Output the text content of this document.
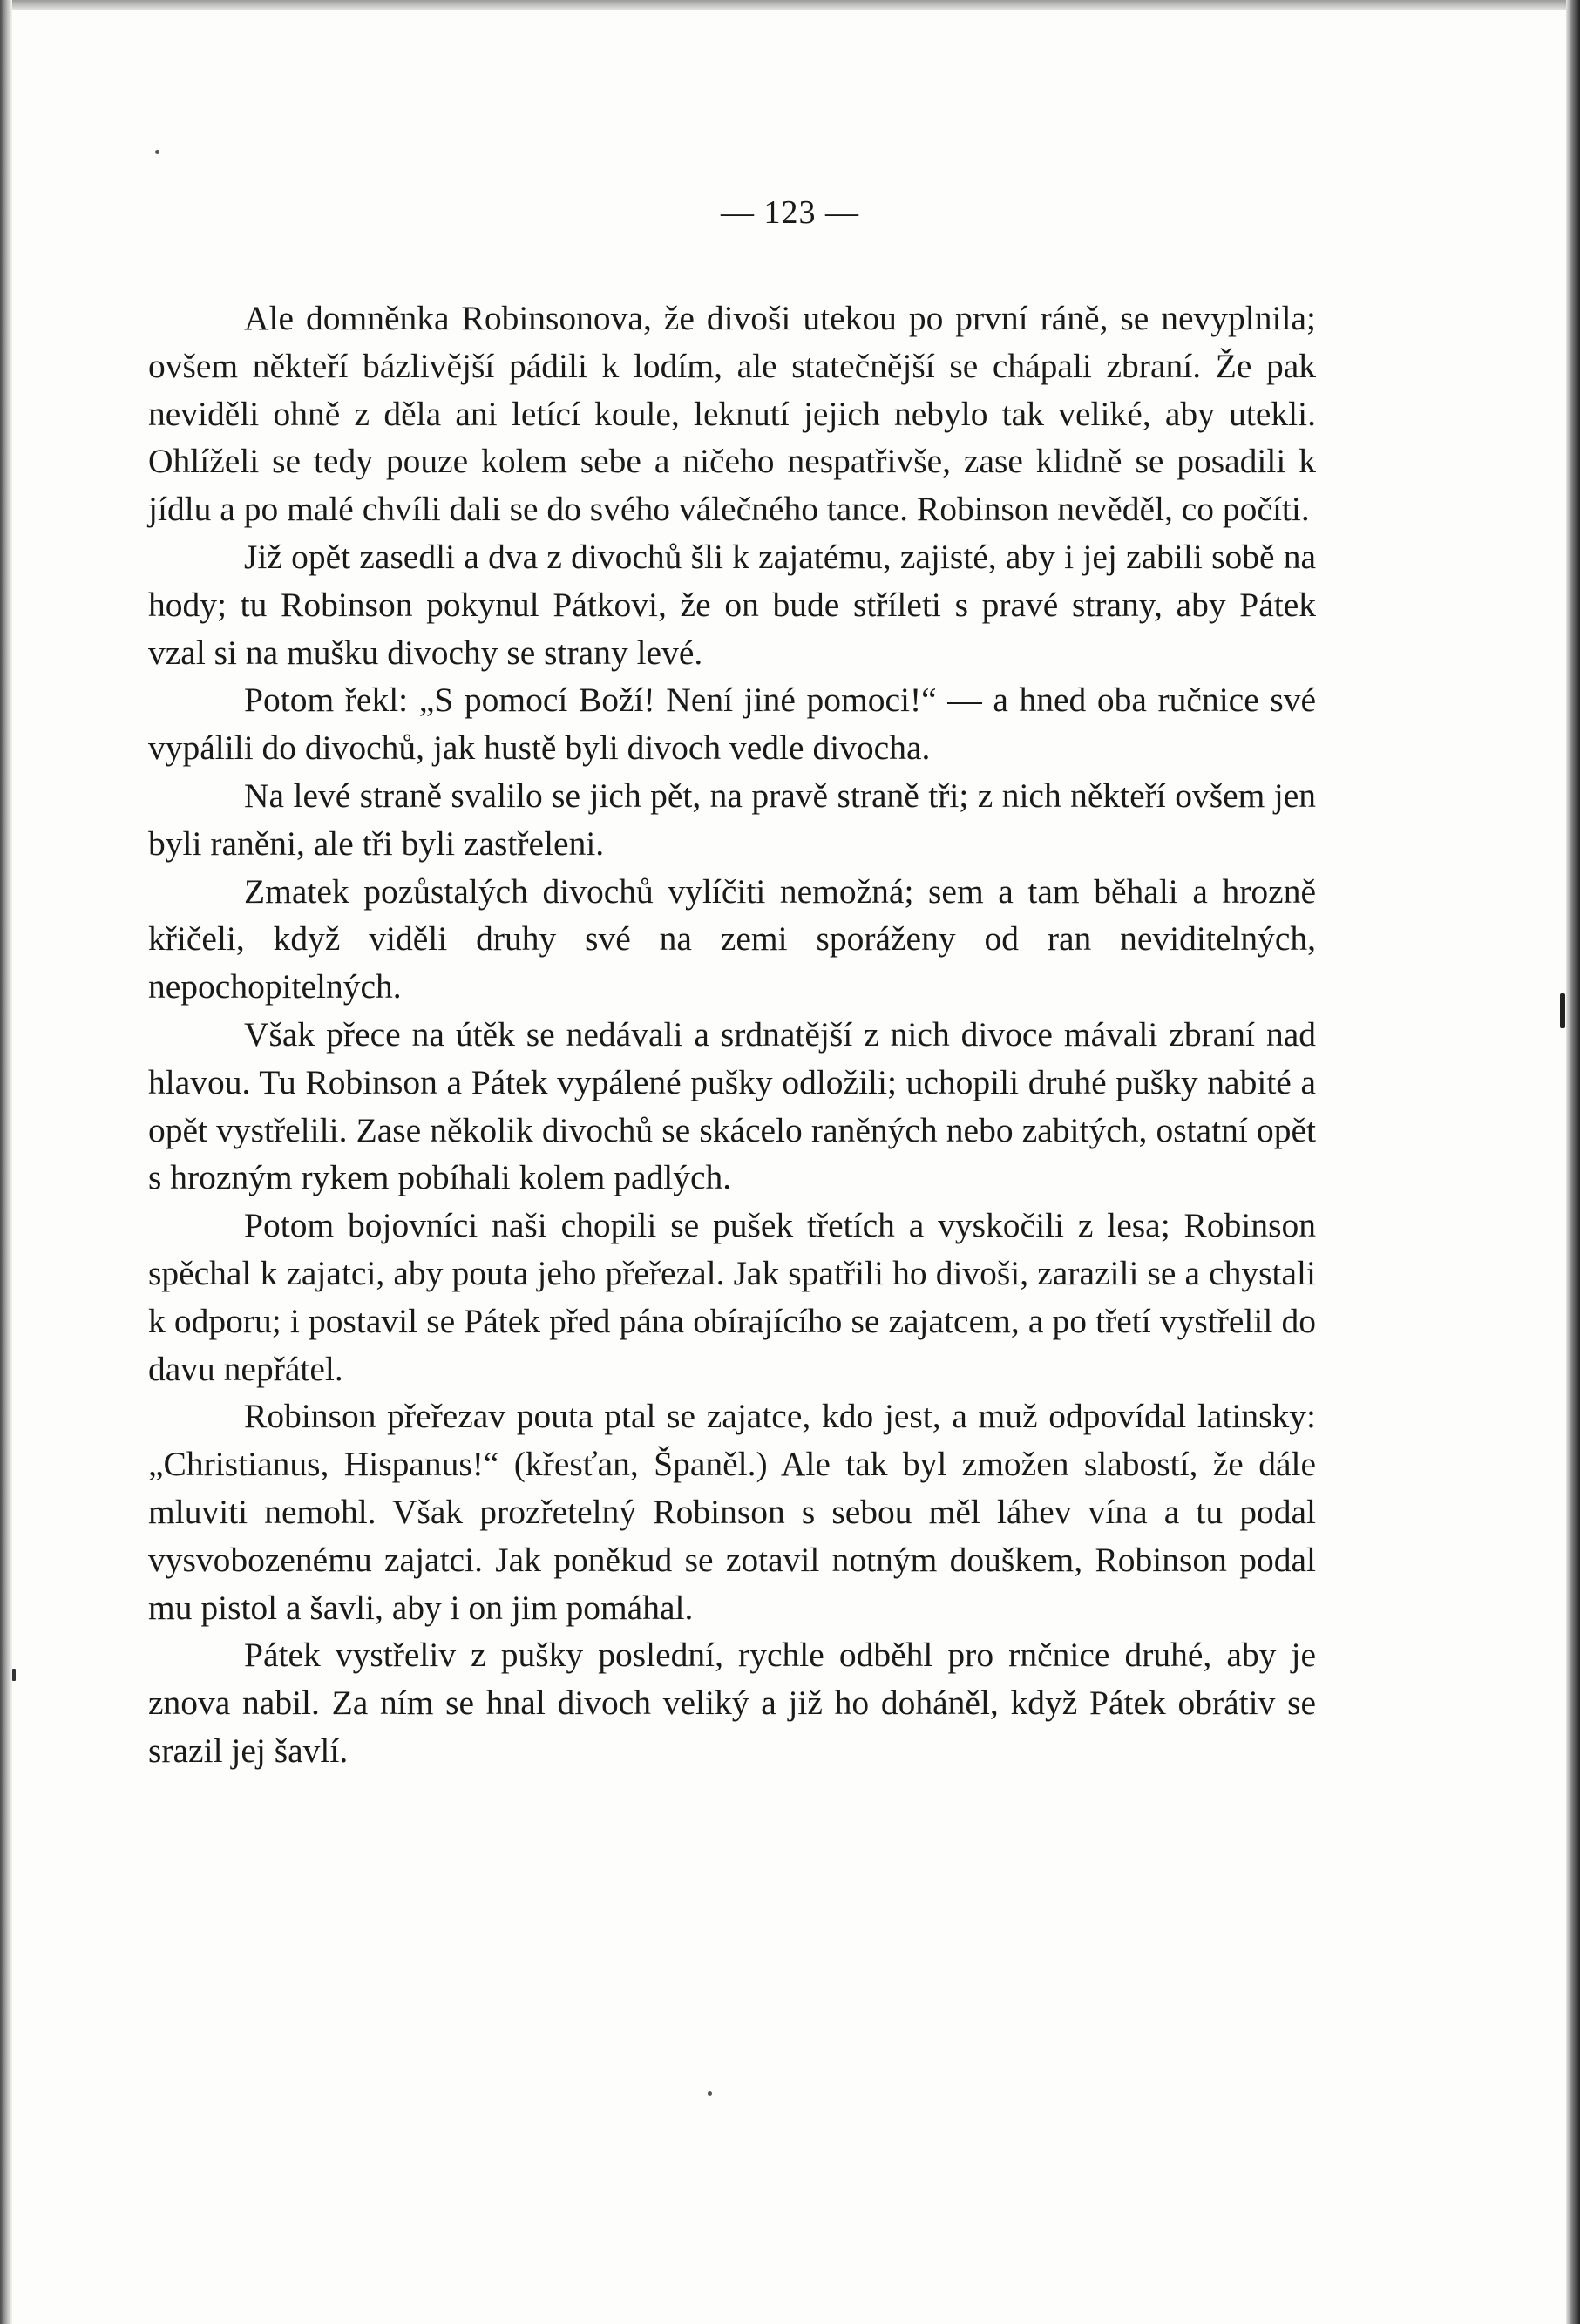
— 123 —

Ale domněnka Robinsonova, že divoši utekou po první ráně, se nevyplnila; ovšem někteří bázlivější pádili k lodím, ale statečnější se chápali zbraní. Že pak neviděli ohně z děla ani letící koule, leknutí jejich nebylo tak veliké, aby utekli. Ohlíželi se tedy pouze kolem sebe a ničeho nespatřivše, zase klidně se posadili k jídlu a po malé chvíli dali se do svého válečného tance. Robinson nevěděl, co počíti.

Již opět zasedli a dva z divochů šli k zajatému, zajisté, aby i jej zabili sobě na hody; tu Robinson pokynul Pátkovi, že on bude stříleti s pravé strany, aby Pátek vzal si na mušku divochy se strany levé.

Potom řekl: „S pomocí Boží! Není jiné pomoci!“ — a hned oba ručnice své vypálili do divochů, jak hustě byli divoch vedle divocha.

Na levé straně svalilo se jich pět, na pravě straně tři; z nich někteří ovšem jen byli raněni, ale tři byli zastřeleni.

Zmatek pozůstalých divochů vylíčiti nemožná; sem a tam běhali a hrozně křičeli, když viděli druhy své na zemi sporáženy od ran neviditelných, nepochopitelných.

Však přece na útěk se nedávali a srdnatější z nich divoce mávali zbraní nad hlavou. Tu Robinson a Pátek vypálené pušky odložili; uchopili druhé pušky nabité a opět vystřelili. Zase několik divochů se skácelo raněných nebo zabitých, ostatní opět s hrozným rykem pobíhali kolem padlých.

Potom bojovníci naši chopili se pušek třetích a vyskočili z lesa; Robinson spěchal k zajatci, aby pouta jeho přeřezal. Jak spatřili ho divoši, zarazili se a chystali k odporu; i postavil se Pátek před pána obírajícího se zajatcem, a po třetí vystřelil do davu nepřátel.

Robinson přeřezav pouta ptal se zajatce, kdo jest, a muž odpovídal latinsky: „Christianus, Hispanus!“ (křesťan, Španěl.) Ale tak byl zmožen slabostí, že dále mluviti nemohl. Však prozřetelný Robinson s sebou měl láhev vína a tu podal vysvobozenému zajatci. Jak poněkud se zotavil notným douškem, Robinson podal mu pistol a šavli, aby i on jim pomáhal.

Pátek vystřeliv z pušky poslední, rychle odběhl pro rnčnice druhé, aby je znova nabil. Za ním se hnal divoch veliký a již ho doháněl, když Pátek obrátiv se srazil jej šavlí.
